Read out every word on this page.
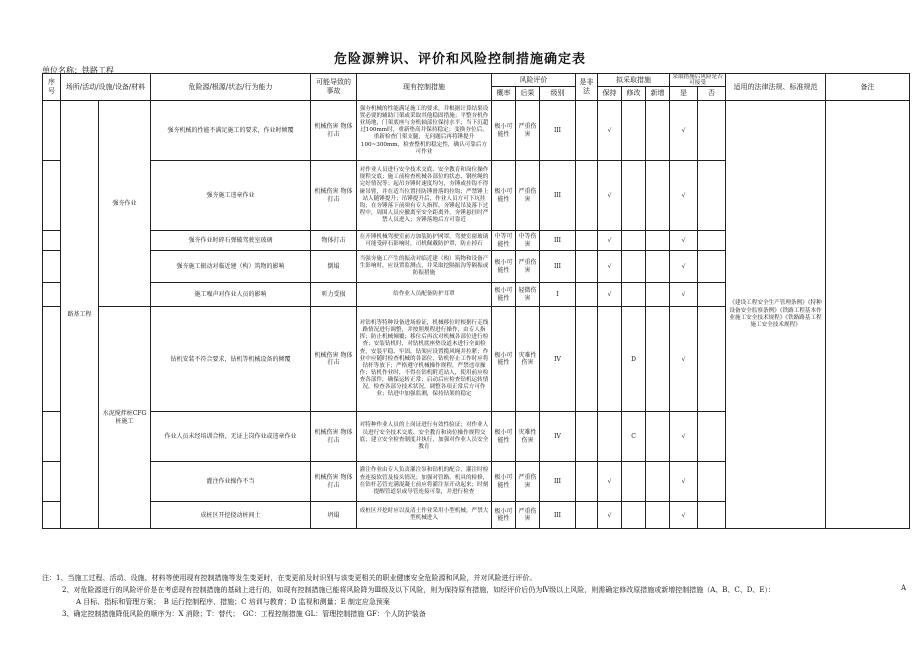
危险源辨识、评价和风险控制措施确定表
单位名称：铁路工程
序号	场所/活动/设施/设备/材料		危险源/根源/状态/行为能力	可能导致的事故	现有控制措施	风险评价			是非法	拟采取措施			采取措施后风险是否可接受		适用的法律法规、标准规范	备注
						概率	后果	级别		保持	修改	新增	是	否		
	路基工程	强夯作业	强夯机械的性能不满足施工的要求，作业时倾覆	机械伤害 物体打击	强夯机械的性能满足施工的要求，并根据计算结果设置必要的辅助门架或采取其他稳固措施；平整夯机作业场地，门架底座与夯机轴部位保持水平；当下沉超过100mm时，重新垫高并保持稳定；变换夯位后，重新检查门架支腿，无问题后再将锤提升100~300mm，检查整机的稳定性，确认可靠后方可作业	极小可能性	严重伤害	III		√			√		《建设工程安全生产管理条例》《特种设备安全监察条例》《铁路工程基本作业施工安全技术规程》《铁路路基工程施工安全技术规程》	
			强夯施工违章作业	机械伤害 物体打击	对作业人员进行安全技术交底、安全教育和岗位操作规程交底；施工前检查机械各部位的状态、钢丝绳的完好情况等；起吊夯锤时速度均匀，夯锤或挂钩不得碰吊臂，并在适当位置挂防锤滑落的拉钩；严禁锤上站人随锤提升；吊锤提升后，作业人员方可下坑挂钩；在夯锤落下前须有专人指挥，夯锤起吊及落下过程中，周围人员应撤离至安全距离外，夯锤悬挂时严禁人员进入；夯锤落地后方可靠近	极小可能性	严重伤害	III		√			√			
			强夯作业时碎石弹破驾驶室玻璃	物体打击	在开锤机械驾驶室前方加装防护网罩，驾驶室窗玻璃可能受碎石影响时，司机佩戴防护罩，防止掉石	中等可能性	中等伤害	III		√			√			
			强夯施工振动对临近建（构）筑物的影响	倒塌	当强夯施工产生的振动对临近建（构）筑物和设备产生影响时，应设置监测点，并采取挖隔振沟等隔振或防振措施	极小可能性	严重伤害	III		√			√			
			施工噪声对作业人员的影响	听力受损	给作业人员配备防护耳罩	极小可能性	轻微伤害	I		√			√			
		水泥搅拌桩CFG桩施工	钻机安装不符合要求，钻机等机械设备的倾覆	机械伤害 物体打击	对钻机等特种设备进场验证，机械移位时根据行走线路情况进行调整，并按照规程进行操作，由专人指挥；防止机械倾覆；移位后再次对机械各部位进行检查；安装钻机时，对钻机底座垫设道木进行全面检查，安装平稳、牢固，钻架应设置揽风绳并拉紧；作业中应随时检查机械的各部位，钻机停止工作时应将钻杆等放下；严格遵守机械操作规程，严禁违章操作；钻机作业时，不得在钻机附近站人，使用前应检查各部件，确保运转正常；启动后应检查钻机运转情况，检查各部分技术状况，调整各项正常后方可作业；钻进中加强监测，保持钻架的稳定	极小可能性	灾难性伤害	IV			D		√			
			作业人员未经培训合格、无证上岗作业或违章作业	机械伤害 物体打击	对特种作业人员的上岗证进行有效性验证；对作业人员进行安全技术交底、安全教育和岗位操作规程交底；建立安全检查制度并执行，加强对作业人员安全教育	极小可能性	灾难性伤害	IV			C		√			
			灌注作业操作不当	机械伤害 物体打击	灌注作业由专人负责灌注泵和钻机的配合，灌注时检查连接软管及接头情况；加强对管路、机具的检修，在钻杆芯管充满混凝土前应将灌注泵开动起来；时刻提醒管道泵或导管连接可靠，并进行检查	极小可能性	严重伤害	III		√			√			
			成桩区开挖挠动桩间土	坍塌	成桩区开挖时应以及清土作业采用小型机械，严禁大型机械进入	极小可能性	严重伤害	III		√			√			
注：1、当施工过程、活动、设施、材料等使用现有控制措施等发生变更时，在变更前及时识别与该变更相关的职业健康安全危险源和风险，并对风险进行评价。
2、对危险源进行的风险评价是在考虑现有控制措施的基础上进行的，如现有控制措施已能将风险降为Ⅲ级及以下风险，则为保持原有措施，如经评价后仍为Ⅳ级以上风险，则需确定修改原措施或新增控制措施（A、B、C、D、E）：
A 目标、指标和管理方案；　B 运行控制程序、措施；C 培训与教育；D 监视和测量；E 制定应急预案
3、确定控制措施降低风险的顺序为：X 消除；T：替代；　GC：工程控制措施 GL：管理控制措施 GF：个人防护装备
A
